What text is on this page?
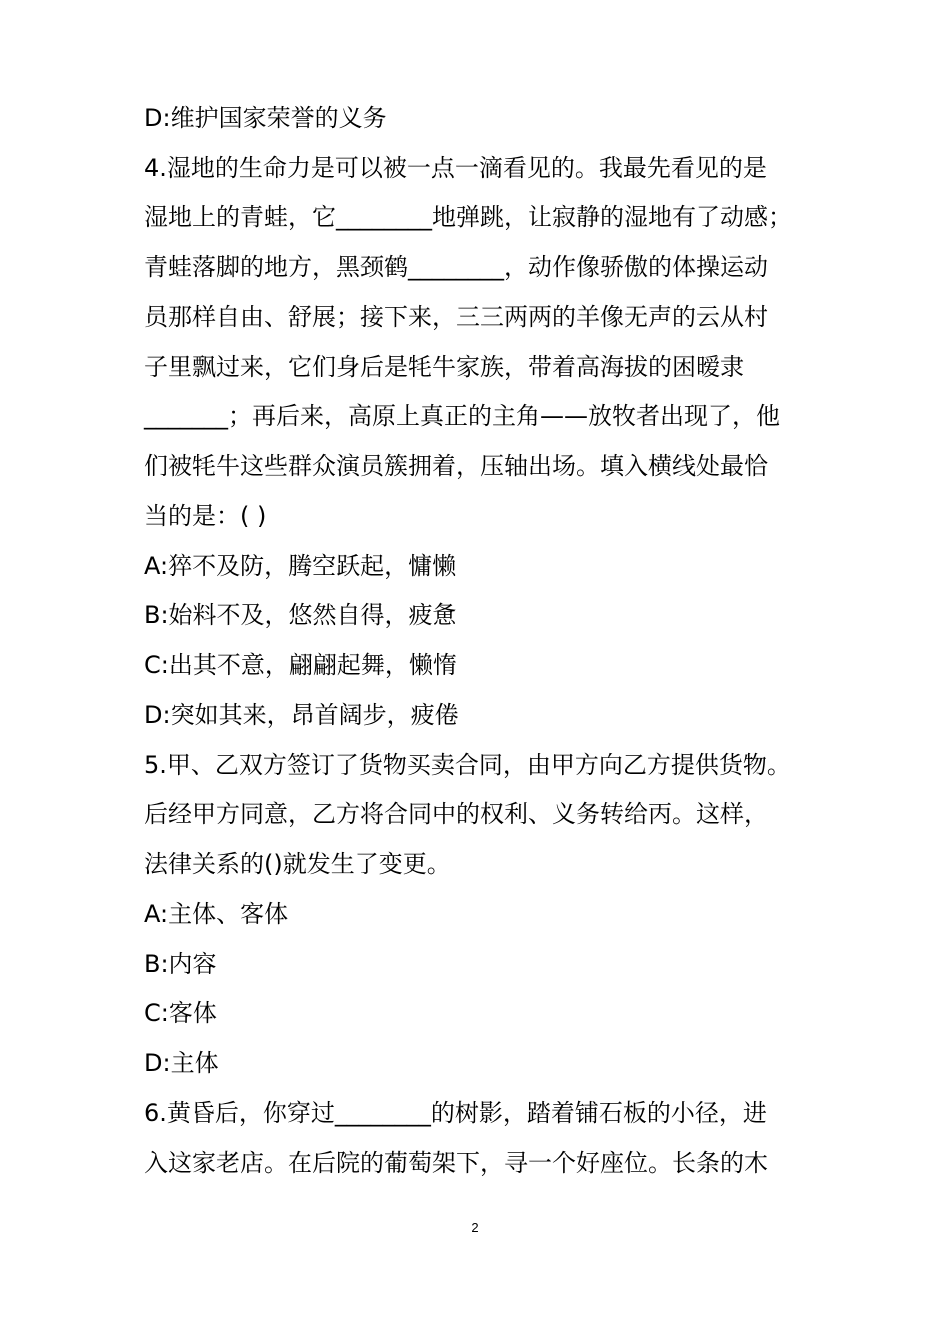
D:维护国家荣誉的义务
4.湿地的生命力是可以被一点一滴看见的。我最先看见的是
湿地上的青蛙，它________地弹跳，让寂静的湿地有了动感；
青蛙落脚的地方，黑颈鹤________，动作像骄傲的体操运动
员那样自由、舒展；接下来，三三两两的羊像无声的云从村
子里飘过来，它们身后是牦牛家族，带着高海拔的困暧隶
_______；再后来，高原上真正的主角——放牧者出现了，他
们被牦牛这些群众演员簇拥着，压轴出场。填入横线处最恰
当的是：( )
A:猝不及防，腾空跃起，慵懒
B:始料不及，悠然自得，疲惫
C:出其不意，翩翩起舞，懒惰
D:突如其来，昂首阔步，疲倦
5.甲、乙双方签订了货物买卖合同，由甲方向乙方提供货物。
后经甲方同意，乙方将合同中的权利、义务转给丙。这样，
法律关系的()就发生了变更。
A:主体、客体
B:内容
C:客体
D:主体
6.黄昏后，你穿过________的树影，踏着铺石板的小径，进
入这家老店。在后院的葡萄架下，寻一个好座位。长条的木
2
